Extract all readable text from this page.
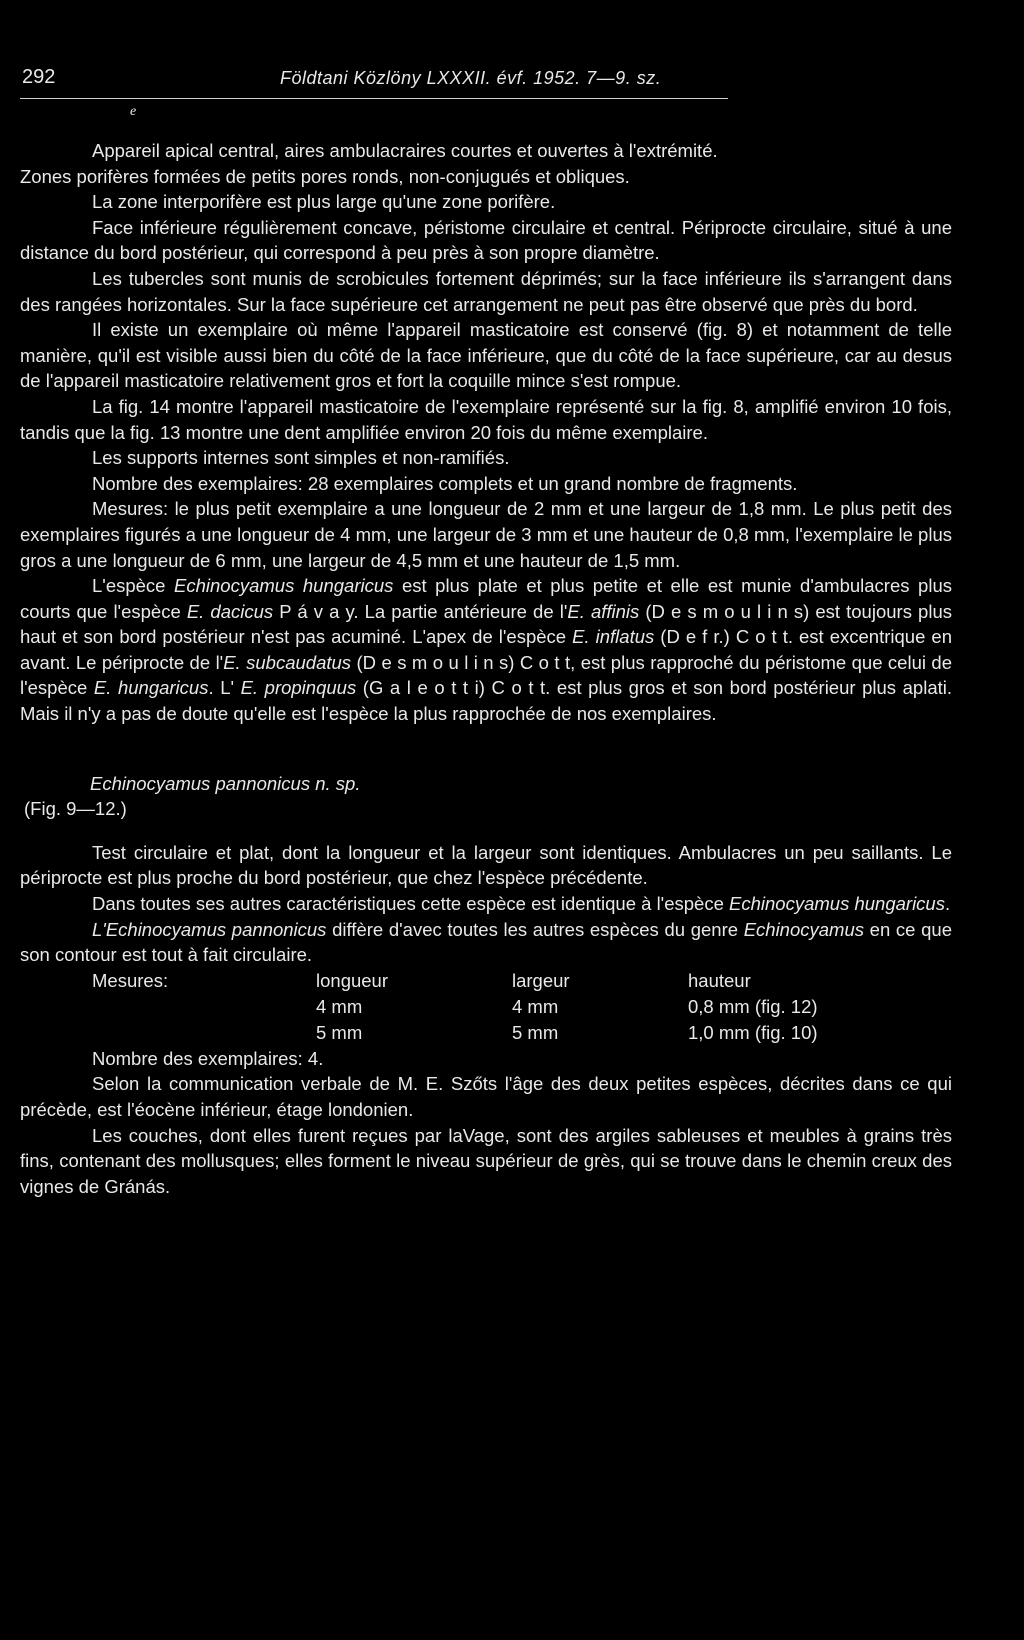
292	Földtani Közlöny LXXXII. évf. 1952. 7—9. sz.
e

Appareil apical central, aires ambulacraires courtes et ouvertes à l'extrémité.

Zones porifères formées de petits pores ronds, non-conjugués et obliques.

La zone interporifère est plus large qu'une zone porifère.

Face inférieure régulièrement concave, péristome circulaire et central. Périprocte circulaire, situé à une distance du bord postérieur, qui correspond à peu près à son propre diamètre.

Les tubercles sont munis de scrobicules fortement déprimés; sur la face inférieure ils s'arrangent dans des rangées horizontales. Sur la face supérieure cet arrangement ne peut pas être observé que près du bord.

Il existe un exemplaire où même l'appareil masticatoire est conservé (fig. 8) et notamment de telle manière, qu'il est visible aussi bien du côté de la face inférieure, que du côté de la face supérieure, car au desus de l'appareil masticatoire relativement gros et fort la coquille mince s'est rompue.

La fig. 14 montre l'appareil masticatoire de l'exemplaire représenté sur la fig. 8, amplifié environ 10 fois, tandis que la fig. 13 montre une dent amplifiée environ 20 fois du même exemplaire.

Les supports internes sont simples et non-ramifiés.

Nombre des exemplaires: 28 exemplaires complets et un grand nombre de fragments.

Mesures: le plus petit exemplaire a une longueur de 2 mm et une largeur de 1,8 mm. Le plus petit des exemplaires figurés a une longueur de 4 mm, une largeur de 3 mm et une hauteur de 0,8 mm, l'exemplaire le plus gros a une longueur de 6 mm, une largeur de 4,5 mm et une hauteur de 1,5 mm.

L'espèce Echinocyamus hungaricus est plus plate et plus petite et elle est munie d'ambulacres plus courts que l'espèce E. dacicus P á v a y. La partie antérieure de l'E. affinis (D e s m o u l i n s) est toujours plus haut et son bord postérieur n'est pas acuminé. L'apex de l'espèce E. inflatus (D e f r.) C o t t. est excentrique en avant. Le périprocte de l'E. subcaudatus (D e s m o u l i n s) C o t t, est plus rapproché du péristome que celui de l'espèce E. hungaricus. L' E. propinquus (G a l e o t t i) C o t t. est plus gros et son bord postérieur plus aplati. Mais il n'y a pas de doute qu'elle est l'espèce la plus rapprochée de nos exemplaires.

Echinocyamus pannonicus n. sp.
(Fig. 9—12.)

Test circulaire et plat, dont la longueur et la largeur sont identiques. Ambulacres un peu saillants. Le périprocte est plus proche du bord postérieur, que chez l'espèce précédente.

Dans toutes ses autres caractéristiques cette espèce est identique à l'espèce Echinocyamus hungaricus.

L'Echinocyamus pannonicus diffère d'avec toutes les autres espèces du genre Echinocyamus en ce que son contour est tout à fait circulaire.

Mesures:	longueur	largeur	hauteur
	4 mm	4 mm	0,8 mm (fig. 12)
	5 mm	5 mm	1,0 mm (fig. 10)

Nombre des exemplaires: 4.

Selon la communication verbale de M. E. Szőts l'âge des deux petites espèces, décrites dans ce qui précède, est l'éocène inférieur, étage londonien.

Les couches, dont elles furent reçues par laVage, sont des argiles sableuses et meubles à grains très fins, contenant des mollusques; elles forment le niveau supérieur de grès, qui se trouve dans le chemin creux des vignes de Gránás.
